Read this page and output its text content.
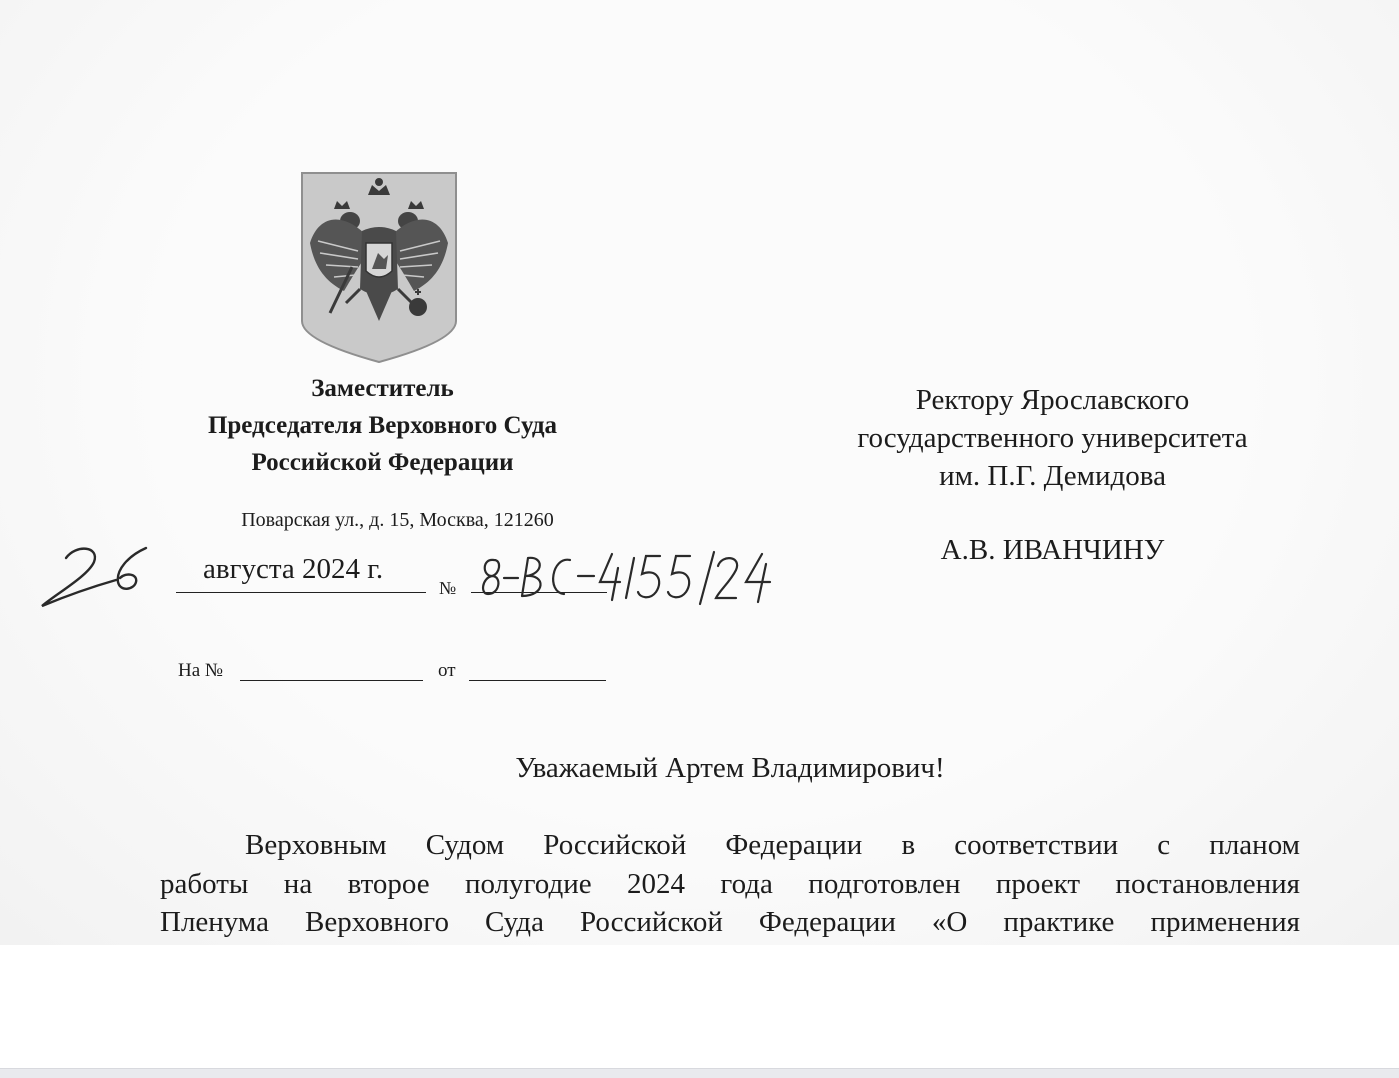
Заместитель
Председателя Верховного Суда
Российской Федерации
Поварская ул., д. 15, Москва, 121260
августа 2024 г.
№
На №	от
Ректору Ярославского
государственного университета
им. П.Г. Демидова
А.В. ИВАНЧИНУ
Уважаемый Артем Владимирович!
Верховным Судом Российской Федерации в соответствии с планом
работы на второе полугодие 2024 года подготовлен проект постановления
Пленума Верховного Суда Российской Федерации «О практике применения
